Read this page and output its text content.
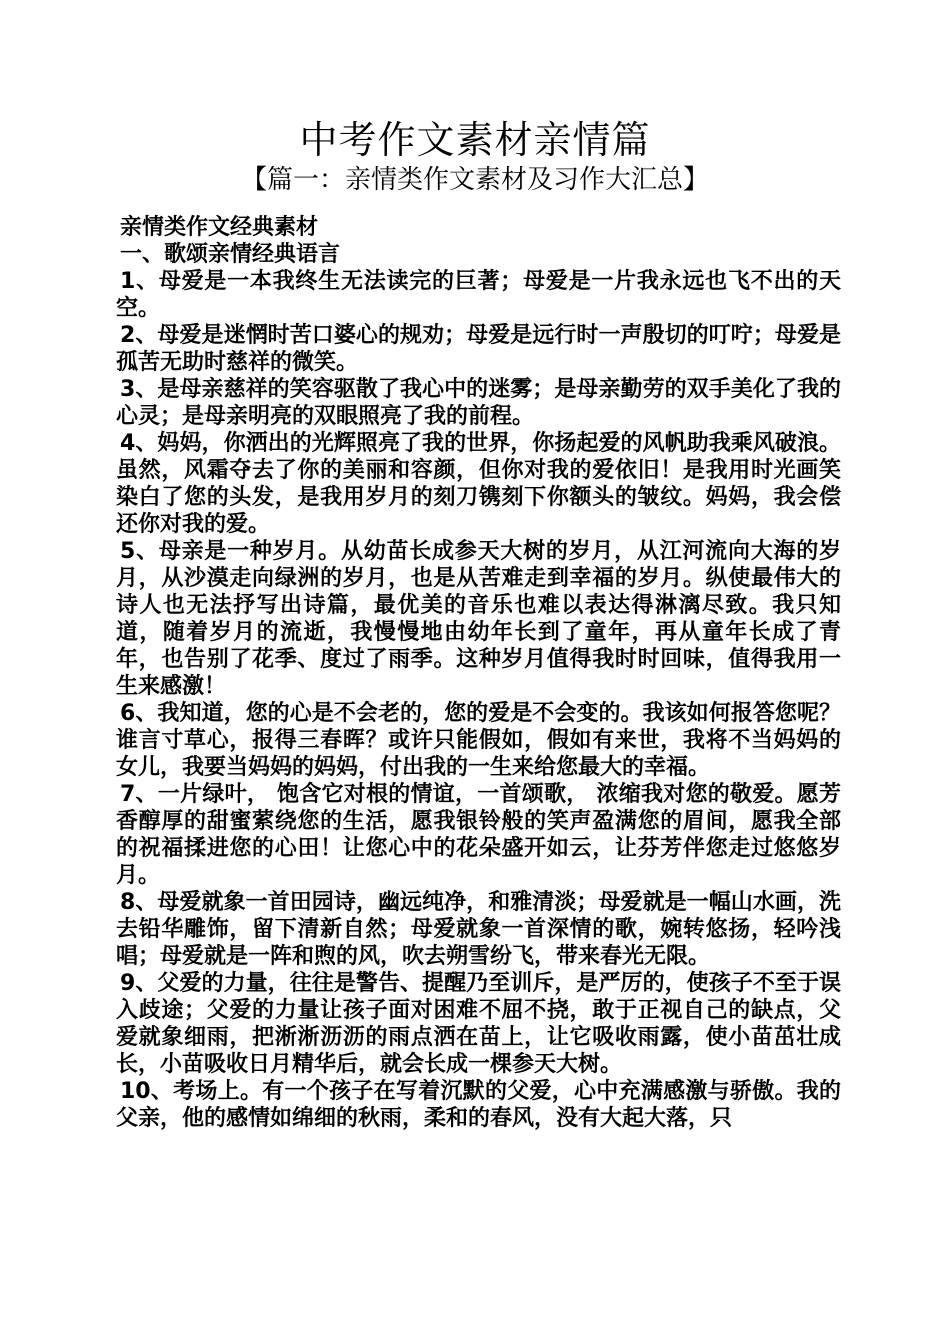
中考作文素材亲情篇
【篇一：亲情类作文素材及习作大汇总】

亲情类作文经典素材

一、歌颂亲情经典语言

1、母爱是一本我终生无法读完的巨著；母爱是一片我永远也飞不出的天空。

2、母爱是迷惘时苦口婆心的规劝；母爱是远行时一声殷切的叮咛；母爱是孤苦无助时慈祥的微笑。

3、是母亲慈祥的笑容驱散了我心中的迷雾；是母亲勤劳的双手美化了我的心灵；是母亲明亮的双眼照亮了我的前程。

4、妈妈，你洒出的光辉照亮了我的世界，你扬起爱的风帆助我乘风破浪。虽然，风霜夺去了你的美丽和容颜，但你对我的爱依旧！是我用时光画笑染白了您的头发，是我用岁月的刻刀镌刻下你额头的皱纹。妈妈，我会偿还你对我的爱。

5、母亲是一种岁月。从幼苗长成参天大树的岁月，从江河流向大海的岁月，从沙漠走向绿洲的岁月，也是从苦难走到幸福的岁月。纵使最伟大的诗人也无法抒写出诗篇，最优美的音乐也难以表达得淋漓尽致。我只知道，随着岁月的流逝，我慢慢地由幼年长到了童年，再从童年长成了青年，也告别了花季、度过了雨季。这种岁月值得我时时回味，值得我用一生来感激！

6、我知道，您的心是不会老的，您的爱是不会变的。我该如何报答您呢？谁言寸草心，报得三春晖？或许只能假如，假如有来世，我将不当妈妈的女儿，我要当妈妈的妈妈，付出我的一生来给您最大的幸福。

7、一片绿叶， 饱含它对根的情谊，一首颂歌， 浓缩我对您的敬爱。愿芳香醇厚的甜蜜萦绕您的生活，愿我银铃般的笑声盈满您的眉间，愿我全部的祝福揉进您的心田！让您心中的花朵盛开如云，让芬芳伴您走过悠悠岁月。

8、母爱就象一首田园诗，幽远纯净，和雅清淡；母爱就是一幅山水画，洗去铅华雕饰，留下清新自然；母爱就象一首深情的歌，婉转悠扬，轻吟浅唱；母爱就是一阵和煦的风，吹去朔雪纷飞，带来春光无限。

9、父爱的力量，往往是警告、提醒乃至训斥，是严厉的，使孩子不至于误入歧途；父爱的力量让孩子面对困难不屈不挠，敢于正视自己的缺点，父爱就象细雨，把淅淅沥沥的雨点洒在苗上，让它吸收雨露，使小苗茁壮成长，小苗吸收日月精华后，就会长成一棵参天大树。

10、考场上。有一个孩子在写着沉默的父爱，心中充满感激与骄傲。我的父亲，他的感情如绵细的秋雨，柔和的春风，没有大起大落，只
